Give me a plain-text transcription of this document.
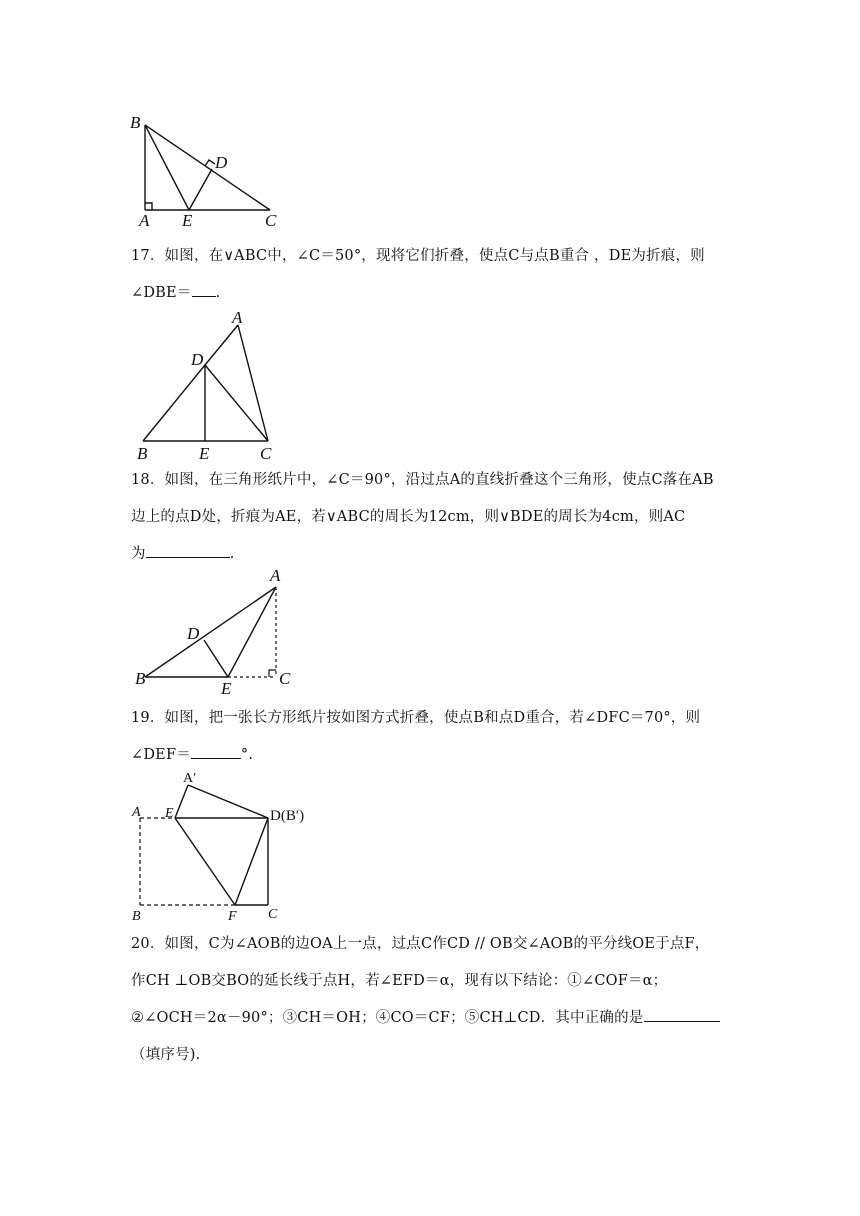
B
D
A E	C

17．如图，在∨ABC中，∠C＝50°，现将它们折叠，使点C与点B重合 ，DE为折痕，则

∠DBE＝ .

A
D
B	E	C

18．如图，在三角形纸片中，∠C＝90°，沿过点A的直线折叠这个三角形，使点C落在AB

边上的点D处，折痕为AE，若∨ABC的周长为12cm，则∨BDE的周长为4cm，则AC

为	.

A
D
B
E
C

19．如图，把一张长方形纸片按如图方式折叠，使点B和点D重合，若∠DFC＝70°，则

∠DEF＝	°.

A′
A E	D(B′)
B	F C

20．如图，C为∠AOB的边OA上一点，过点C作CD // OB交∠AOB的平分线OE于点F，

作CH ⊥OB交BO的延长线于点H，若∠EFD＝α，现有以下结论：①∠COF＝α；

②∠OCH＝2α－90°；③CH＝OH；④CO＝CF；⑤CH⊥CD．其中正确的是

（填序号).
